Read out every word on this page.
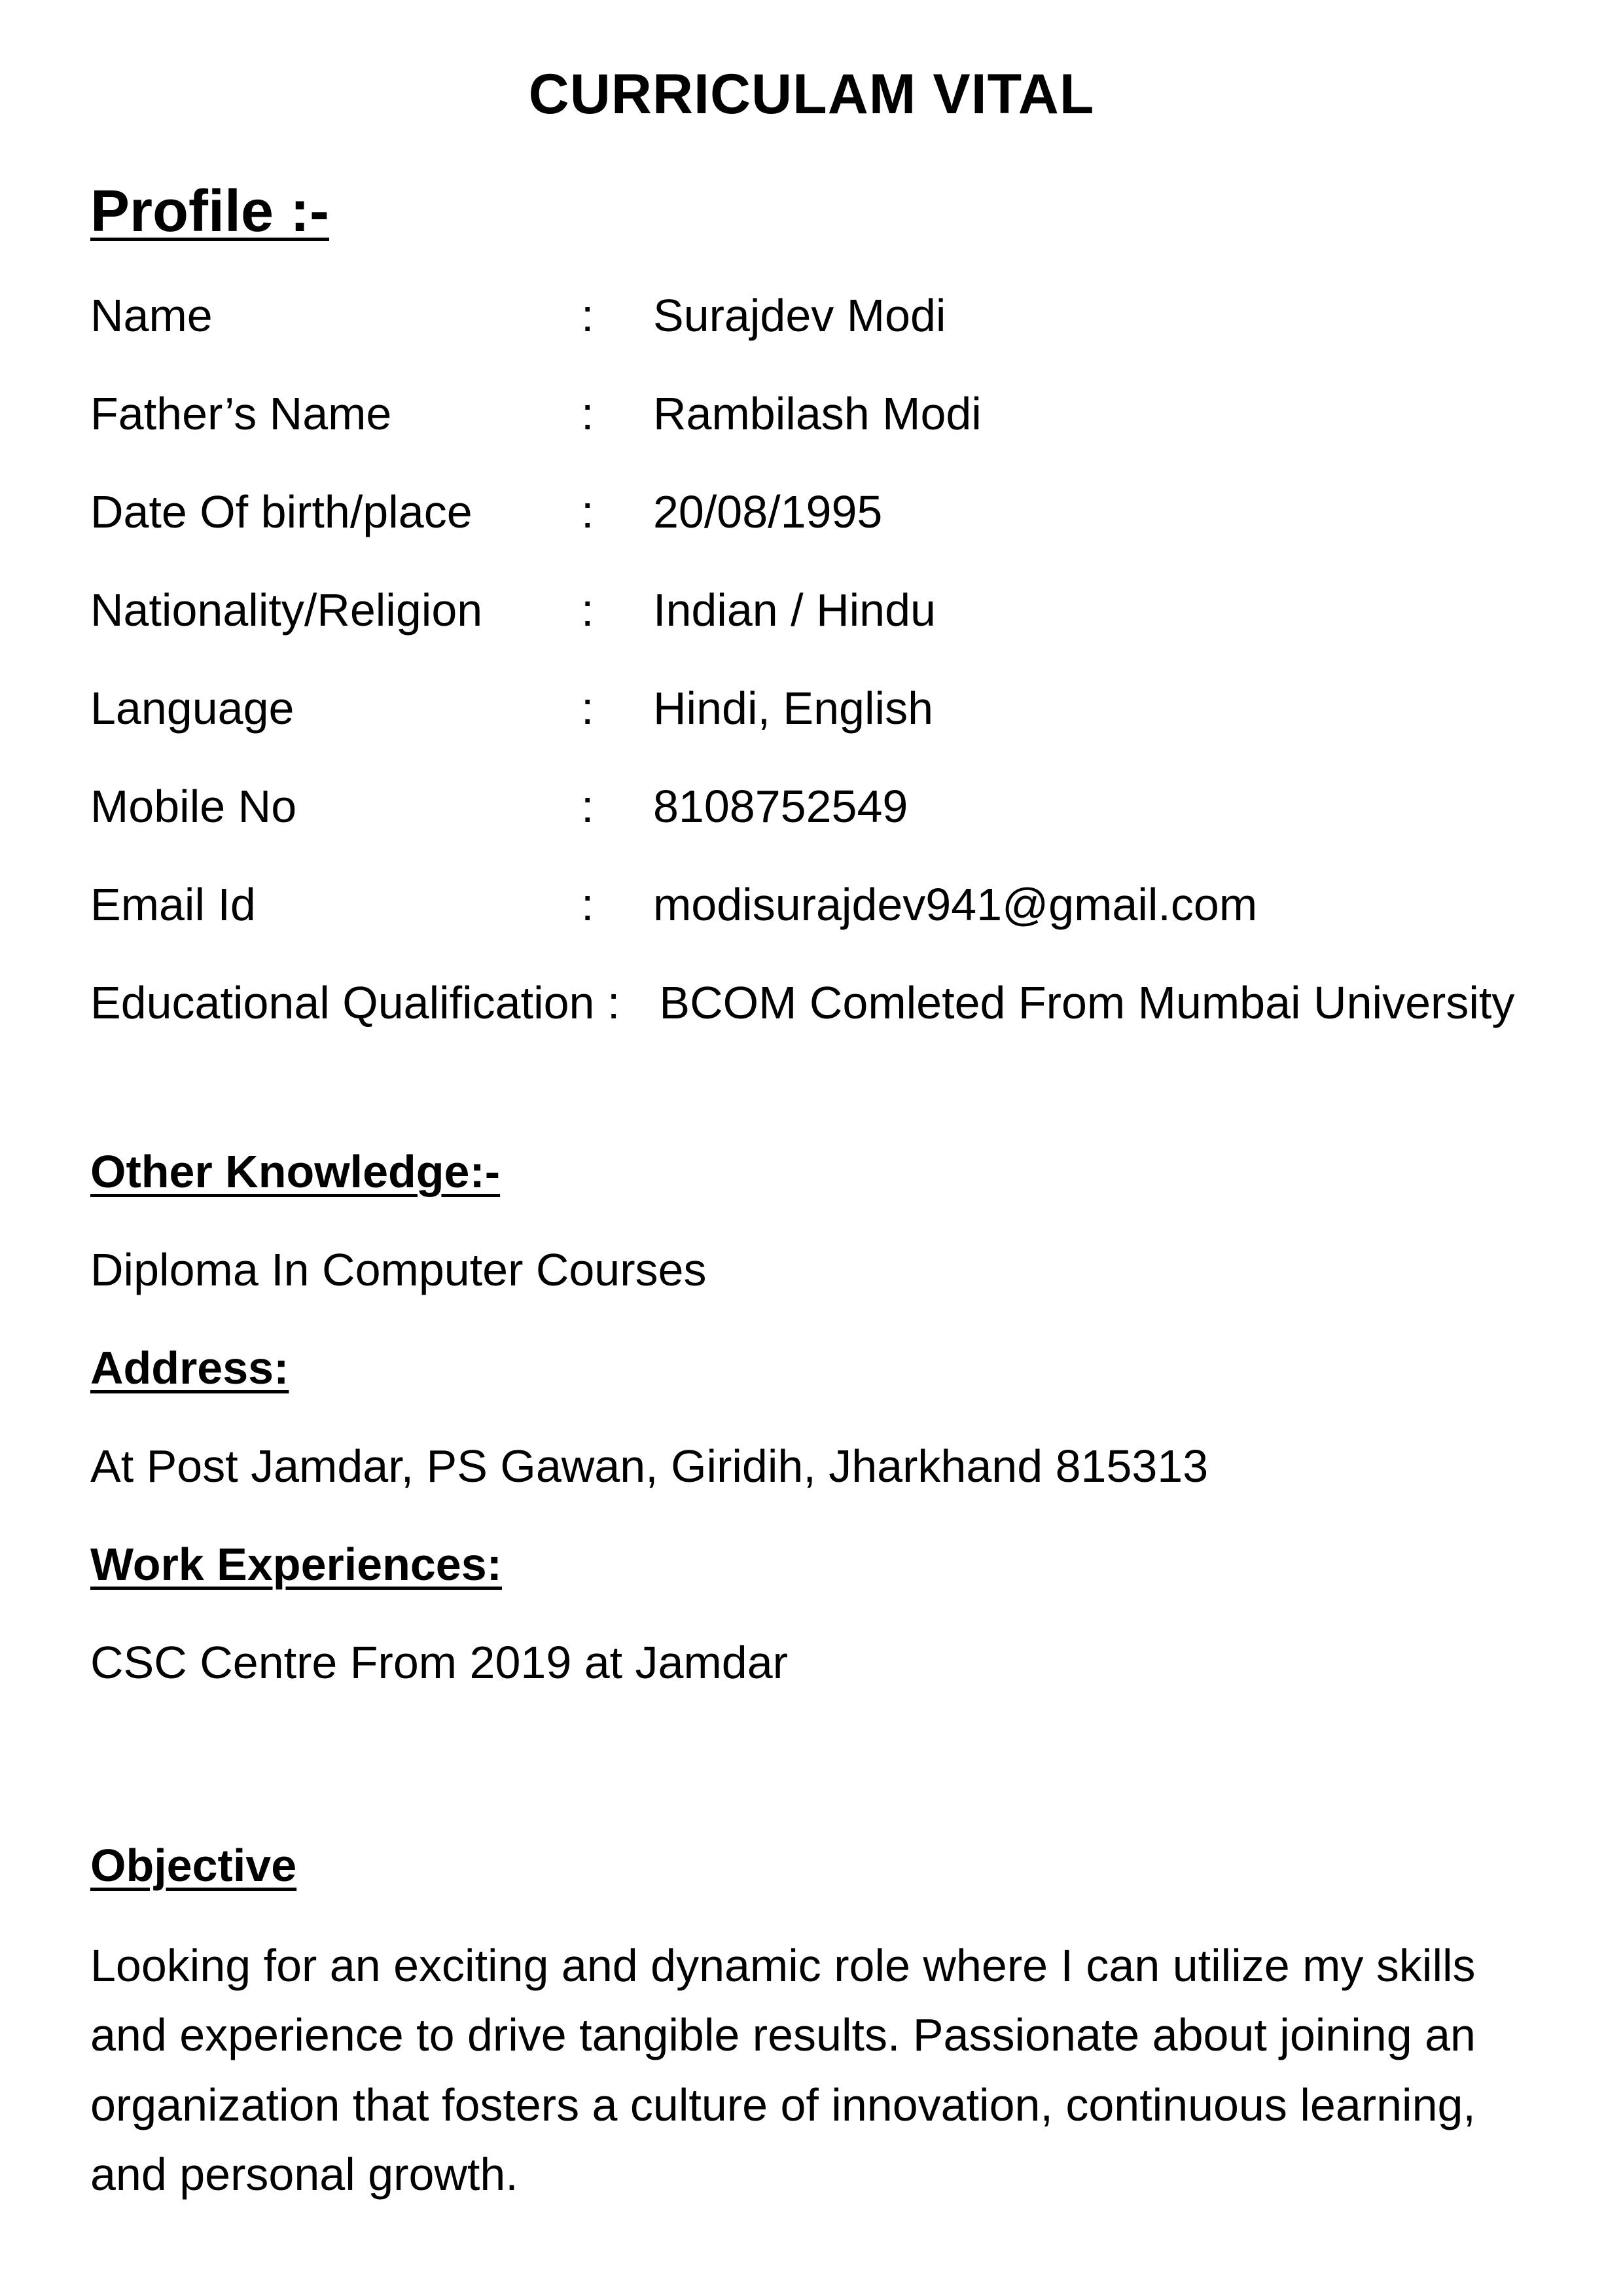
CURRICULAM VITAL
Profile :-
Name	: Surajdev Modi
Father’s Name	: Rambilash Modi
Date Of birth/place : 20/08/1995
Nationality/Religion : Indian / Hindu
Language	: Hindi, English
Mobile No	: 8108752549
Email Id	: modisurajdev941@gmail.com
Educational Qualification : BCOM Comleted From Mumbai University
Other Knowledge:-
Diploma In Computer Courses
Address:
At Post Jamdar, PS Gawan, Giridih, Jharkhand 815313
Work Experiences:
CSC Centre From 2019 at Jamdar
Objective
Looking for an exciting and dynamic role where I can utilize my skills and experience to drive tangible results. Passionate about joining an organization that fosters a culture of innovation, continuous learning, and personal growth.
